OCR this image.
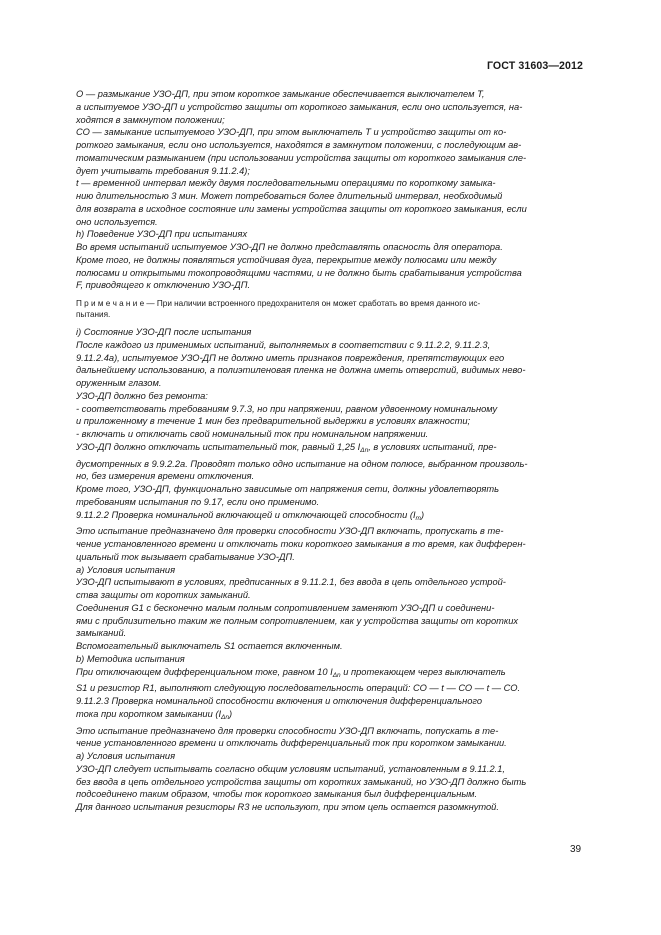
ГОСТ 31603—2012
О — размыкание УЗО-ДП, при этом короткое замыкание обеспечивается выключателем Т,
а испытуемое УЗО-ДП и устройство защиты от короткого замыкания, если оно используется, на-
ходятся в замкнутом положении;
СО — замыкание испытуемого УЗО-ДП, при этом выключатель Т и устройство защиты от ко-
роткого замыкания, если оно используется, находятся в замкнутом положении, с последующим ав-
томатическим размыканием (при использовании устройства защиты от короткого замыкания сле-
дует учитывать требования 9.11.2.4);
t — временной интервал между двумя последовательными операциями по короткому замыка-
нию длительностью 3 мин. Может потребоваться более длительный интервал, необходимый
для возврата в исходное состояние или замены устройства защиты от короткого замыкания, если
оно используется.
h) Поведение УЗО-ДП при испытаниях
Во время испытаний испытуемое УЗО-ДП не должно представлять опасность для оператора.
Кроме того, не должны появляться устойчивая дуга, перекрытие между полюсами или между
полюсами и открытыми токопроводящими частями, и не должно быть срабатывания устройства
F, приводящего к отключению УЗО-ДП.
П р и м е ч а н и е — При наличии встроенного предохранителя он может сработать во время данного ис-
пытания.
i) Состояние УЗО-ДП после испытания
После каждого из применимых испытаний, выполняемых в соответствии с 9.11.2.2, 9.11.2.3,
9.11.2.4а), испытуемое УЗО-ДП не должно иметь признаков повреждения, препятствующих его
дальнейшему использованию, а полиэтиленовая пленка не должна иметь отверстий, видимых нево-
оруженным глазом.
УЗО-ДП должно без ремонта:
- соответствовать требованиям 9.7.3, но при напряжении, равном удвоенному номинальному
и приложенному в течение 1 мин без предварительной выдержки в условиях влажности;
- включать и отключать свой номинальный ток при номинальном напряжении.
УЗО-ДП должно отключать испытательный ток, равный 1,25 $I_{\Delta n}$, в условиях испытаний, пре-
дусмотренных в 9.9.2.2а. Проводят только одно испытание на одном полюсе, выбранном произволь-
но, без измерения времени отключения.
Кроме того, УЗО-ДП, функционально зависимые от напряжения сети, должны удовлетворять
требованиям испытания по 9.17, если оно применимо.
9.11.2.2 Проверка номинальной включающей и отключающей способности $(I_m)$
Это испытание предназначено для проверки способности УЗО-ДП включать, пропускать в те-
чение установленного времени и отключать токи короткого замыкания в то время, как дифферен-
циальный ток вызывает срабатывание УЗО-ДП.
а) Условия испытания
УЗО-ДП испытывают в условиях, предписанных в 9.11.2.1, без ввода в цепь отдельного устрой-
ства защиты от коротких замыканий.
Соединения G1 с бесконечно малым полным сопротивлением заменяют УЗО-ДП и соединени-
ями с приблизительно таким же полным сопротивлением, как у устройства защиты от коротких
замыканий.
Вспомогательный выключатель S1 остается включенным.
b) Методика испытания
При отключающем дифференциальном токе, равном 10 $I_{\Delta n}$ и протекающем через выключатель
S1 и резистор R1, выполняют следующую последовательность операций: СО — t — СО — t — СО.
9.11.2.3 Проверка номинальной способности включения и отключения дифференциального
тока при коротком замыкании $(I_{\Delta n})$
Это испытание предназначено для проверки способности УЗО-ДП включать, попускать в те-
чение установленного времени и отключать дифференциальный ток при коротком замыкании.
а) Условия испытания
УЗО-ДП следует испытывать согласно общим условиям испытаний, установленным в 9.11.2.1,
без ввода в цепь отдельного устройства защиты от коротких замыканий, но УЗО-ДП должно быть
подсоединено таким образом, чтобы ток короткого замыкания был дифференциальным.
Для данного испытания резисторы R3 не используют, при этом цепь остается разомкнутой.
39
